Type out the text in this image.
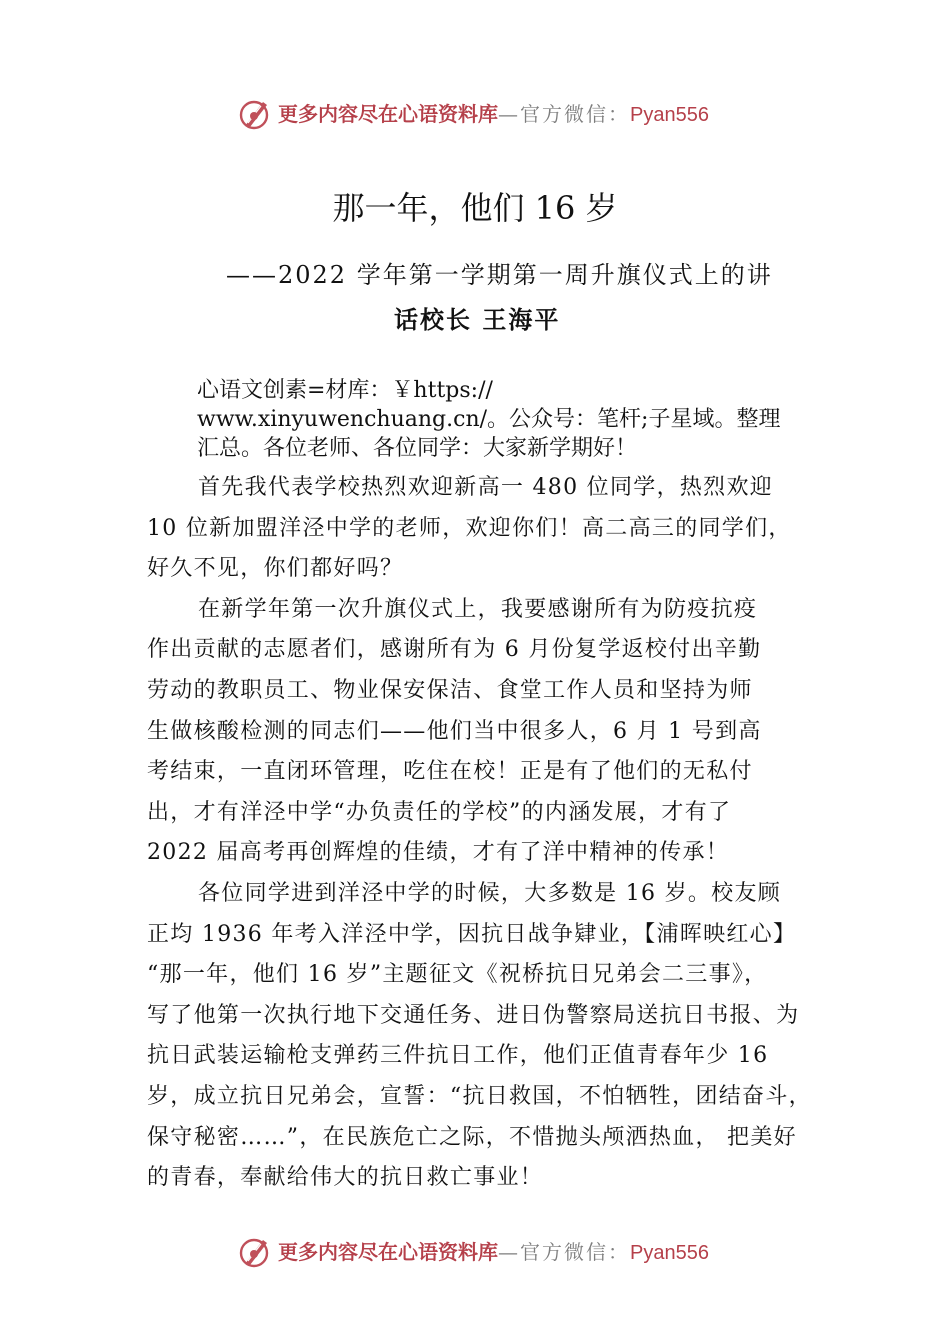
更多内容尽在心语资料库—官方微信：Pyan556
那一年，他们 16 岁
——2022 学年第一学期第一周升旗仪式上的讲
话校长 王海平
心语文创素=材库：￥https://
www.xinyuwenchuang.cn/。公众号：笔杆;子星域。整理
汇总。各位老师、各位同学：大家新学期好！
首先我代表学校热烈欢迎新高一 480 位同学，热烈欢迎
10 位新加盟洋泾中学的老师，欢迎你们！高二高三的同学们，
好久不见，你们都好吗？
在新学年第一次升旗仪式上，我要感谢所有为防疫抗疫
作出贡献的志愿者们，感谢所有为 6 月份复学返校付出辛勤
劳动的教职员工、物业保安保洁、食堂工作人员和坚持为师
生做核酸检测的同志们——他们当中很多人，6 月 1 号到高
考结束，一直闭环管理，吃住在校！正是有了他们的无私付
出，才有洋泾中学“办负责任的学校”的内涵发展，才有了
2022 届高考再创辉煌的佳绩，才有了洋中精神的传承！
各位同学进到洋泾中学的时候，大多数是 16 岁。校友顾
正均 1936 年考入洋泾中学，因抗日战争肄业，【浦晖映红心】
“那一年，他们 16 岁”主题征文《祝桥抗日兄弟会二三事》，
写了他第一次执行地下交通任务、进日伪警察局送抗日书报、为
抗日武装运输枪支弹药三件抗日工作，他们正值青春年少 16
岁，成立抗日兄弟会，宣誓：“抗日救国，不怕牺牲，团结奋斗，
保守秘密……”，在民族危亡之际，不惜抛头颅洒热血， 把美好
的青春，奉献给伟大的抗日救亡事业！
更多内容尽在心语资料库—官方微信：Pyan556
